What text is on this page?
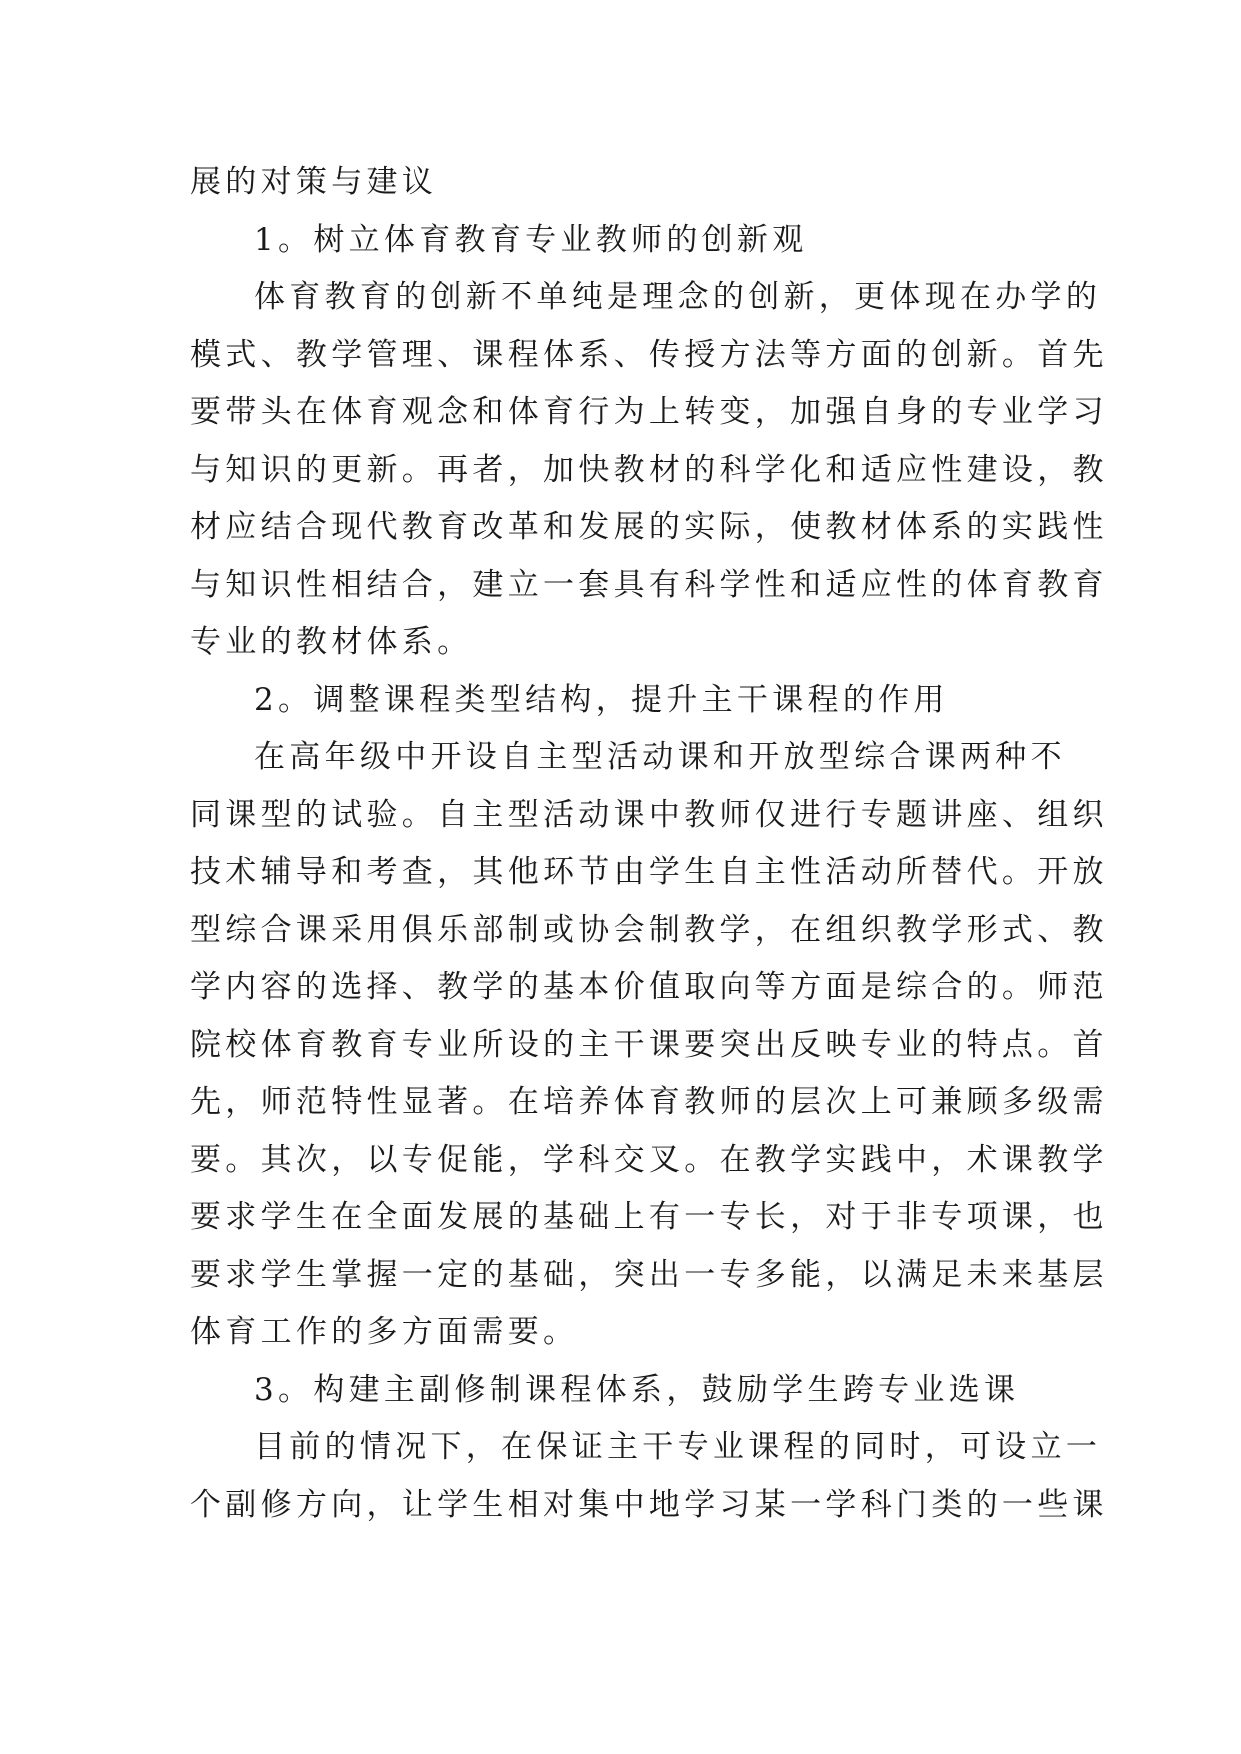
展的对策与建议
1。树立体育教育专业教师的创新观
体育教育的创新不单纯是理念的创新，更体现在办学的
模式、教学管理、课程体系、传授方法等方面的创新。首先
要带头在体育观念和体育行为上转变，加强自身的专业学习
与知识的更新。再者，加快教材的科学化和适应性建设，教
材应结合现代教育改革和发展的实际，使教材体系的实践性
与知识性相结合，建立一套具有科学性和适应性的体育教育
专业的教材体系。
2。调整课程类型结构，提升主干课程的作用
在高年级中开设自主型活动课和开放型综合课两种不
同课型的试验。自主型活动课中教师仅进行专题讲座、组织
技术辅导和考查，其他环节由学生自主性活动所替代。开放
型综合课采用俱乐部制或协会制教学，在组织教学形式、教
学内容的选择、教学的基本价值取向等方面是综合的。师范
院校体育教育专业所设的主干课要突出反映专业的特点。首
先，师范特性显著。在培养体育教师的层次上可兼顾多级需
要。其次，以专促能，学科交叉。在教学实践中，术课教学
要求学生在全面发展的基础上有一专长，对于非专项课，也
要求学生掌握一定的基础，突出一专多能，以满足未来基层
体育工作的多方面需要。
3。构建主副修制课程体系，鼓励学生跨专业选课
目前的情况下，在保证主干专业课程的同时，可设立一
个副修方向，让学生相对集中地学习某一学科门类的一些课
